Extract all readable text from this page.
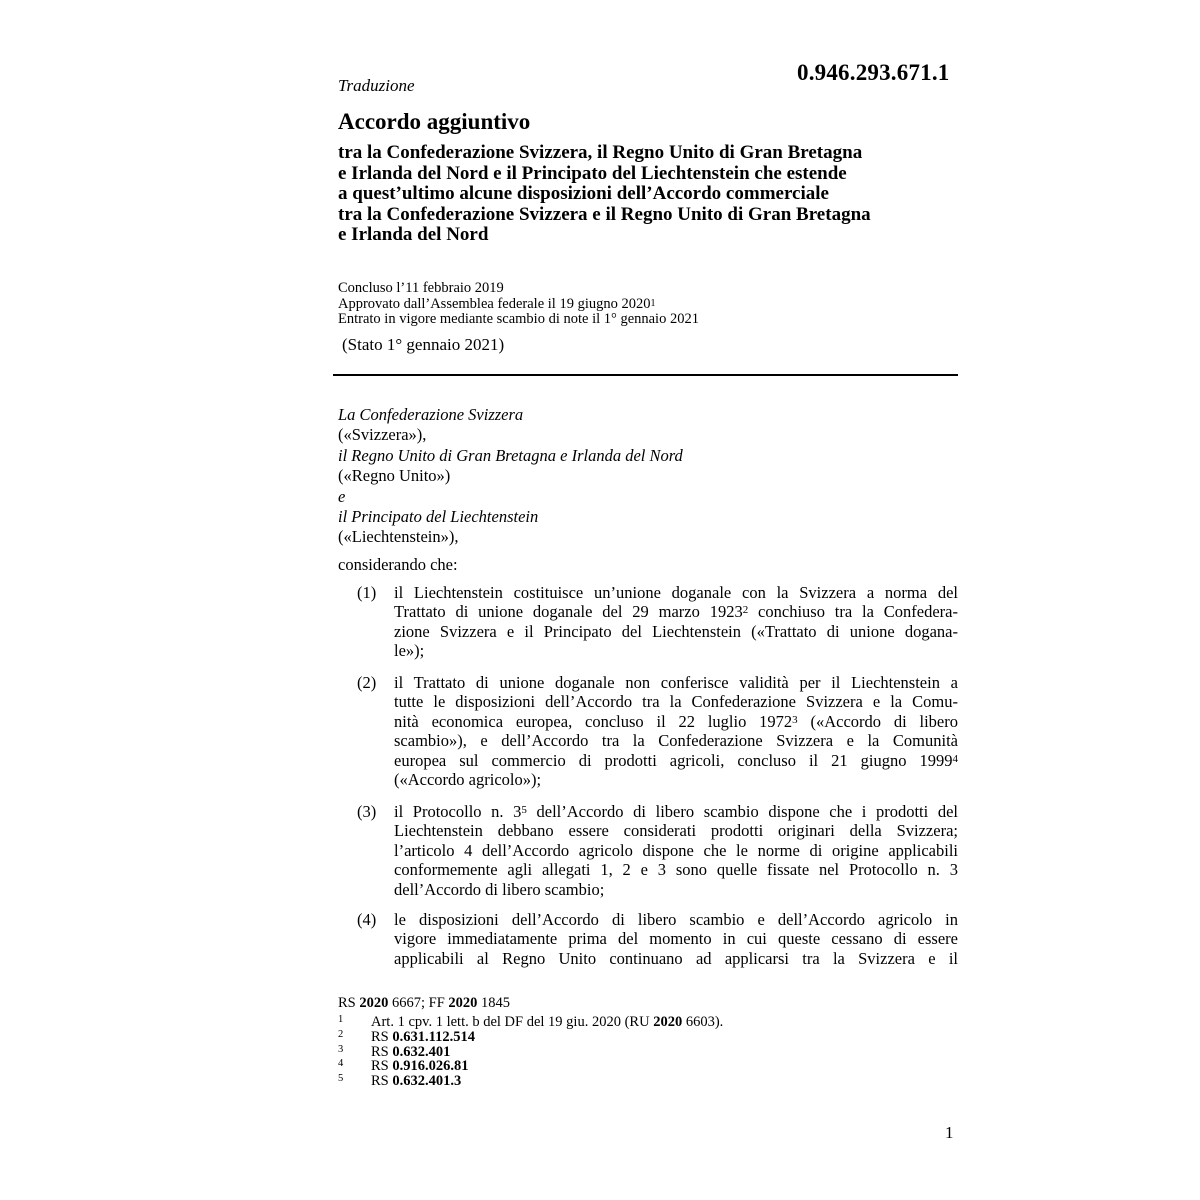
Traduzione
0.946.293.671.1
Accordo aggiuntivo
tra la Confederazione Svizzera, il Regno Unito di Gran Bretagna
e Irlanda del Nord e il Principato del Liechtenstein che estende
a quest’ultimo alcune disposizioni dell’Accordo commerciale
tra la Confederazione Svizzera e il Regno Unito di Gran Bretagna
e Irlanda del Nord
Concluso l’11 febbraio 2019
Approvato dall’Assemblea federale il 19 giugno 2020$^1$
Entrato in vigore mediante scambio di note il 1° gennaio 2021
(Stato 1° gennaio 2021)
La Confederazione Svizzera
(«Svizzera»),
il Regno Unito di Gran Bretagna e Irlanda del Nord
(«Regno Unito»)
e
il Principato del Liechtenstein
(«Liechtenstein»),
considerando che:
(1) il Liechtenstein costituisce un’unione doganale con la Svizzera a norma del
Trattato di unione doganale del 29 marzo 1923$^2$ conchiuso tra la Confedera-
zione Svizzera e il Principato del Liechtenstein («Trattato di unione dogana-
le»);
(2) il Trattato di unione doganale non conferisce validità per il Liechtenstein a
tutte le disposizioni dell’Accordo tra la Confederazione Svizzera e la Comu-
nità economica europea, concluso il 22 luglio 1972$^3$ («Accordo di libero
scambio»), e dell’Accordo tra la Confederazione Svizzera e la Comunità
europea sul commercio di prodotti agricoli, concluso il 21 giugno 1999$^4$
(«Accordo agricolo»);
(3) il Protocollo n. 3$^5$ dell’Accordo di libero scambio dispone che i prodotti del
Liechtenstein debbano essere considerati prodotti originari della Svizzera;
l’articolo 4 dell’Accordo agricolo dispone che le norme di origine applicabili
conformemente agli allegati 1, 2 e 3 sono quelle fissate nel Protocollo n. 3
dell’Accordo di libero scambio;
(4) le disposizioni dell’Accordo di libero scambio e dell’Accordo agricolo in
vigore immediatamente prima del momento in cui queste cessano di essere
applicabili al Regno Unito continuano ad applicarsi tra la Svizzera e il
RS 2020 6667; FF 2020 1845
1 Art. 1 cpv. 1 lett. b del DF del 19 giu. 2020 (RU 2020 6603).
2 RS 0.631.112.514
3 RS 0.632.401
4 RS 0.916.026.81
5 RS 0.632.401.3
1
